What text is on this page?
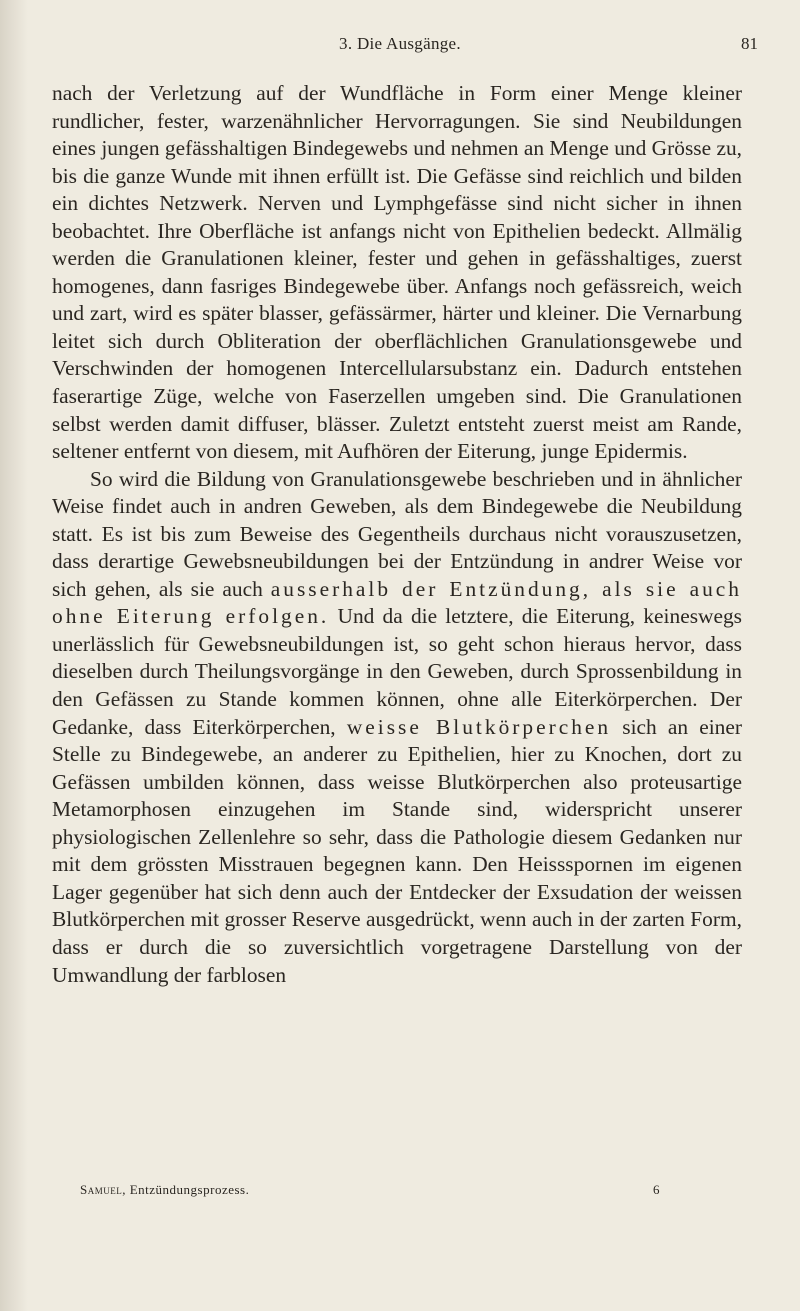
3. Die Ausgänge.	81

nach der Verletzung auf der Wundfläche in Form einer Menge kleiner rundlicher, fester, warzenähnlicher Hervorragungen. Sie sind Neubildungen eines jungen gefässhaltigen Bindegewebs und nehmen an Menge und Grösse zu, bis die ganze Wunde mit ihnen erfüllt ist. Die Gefässe sind reichlich und bilden ein dichtes Netzwerk. Nerven und Lymphgefässe sind nicht sicher in ihnen beobachtet. Ihre Oberfläche ist anfangs nicht von Epithelien bedeckt. Allmälig werden die Granulationen kleiner, fester und gehen in gefässhaltiges, zuerst homogenes, dann fasriges Bindegewebe über. Anfangs noch gefässreich, weich und zart, wird es später blasser, gefässärmer, härter und kleiner. Die Vernarbung leitet sich durch Obliteration der oberflächlichen Granulationsgewebe und Verschwinden der homogenen Intercellularsubstanz ein. Dadurch entstehen faserartige Züge, welche von Faserzellen umgeben sind. Die Granulationen selbst werden damit diffuser, blässer. Zuletzt entsteht zuerst meist am Rande, seltener entfernt von diesem, mit Aufhören der Eiterung, junge Epidermis.

So wird die Bildung von Granulationsgewebe beschrieben und in ähnlicher Weise findet auch in andren Geweben, als dem Bindegewebe die Neubildung statt. Es ist bis zum Beweise des Gegentheils durchaus nicht vorauszusetzen, dass derartige Gewebsneubildungen bei der Entzündung in andrer Weise vor sich gehen, als sie auch ausserhalb der Entzündung, als sie auch ohne Eiterung erfolgen. Und da die letztere, die Eiterung, keineswegs unerlässlich für Gewebsneubildungen ist, so geht schon hieraus hervor, dass dieselben durch Theilungsvorgänge in den Geweben, durch Sprossenbildung in den Gefässen zu Stande kommen können, ohne alle Eiterkörperchen. Der Gedanke, dass Eiterkörperchen, weisse Blutkörperchen sich an einer Stelle zu Bindegewebe, an anderer zu Epithelien, hier zu Knochen, dort zu Gefässen umbilden können, dass weisse Blutkörperchen also proteusartige Metamorphosen einzugehen im Stande sind, widerspricht unserer physiologischen Zellenlehre so sehr, dass die Pathologie diesem Gedanken nur mit dem grössten Misstrauen begegnen kann. Den Heissspornen im eigenen Lager gegenüber hat sich denn auch der Entdecker der Exsudation der weissen Blutkörperchen mit grosser Reserve ausgedrückt, wenn auch in der zarten Form, dass er durch die so zuversichtlich vorgetragene Darstellung von der Umwandlung der farblosen

Samuel, Entzündungsprozess.	6
